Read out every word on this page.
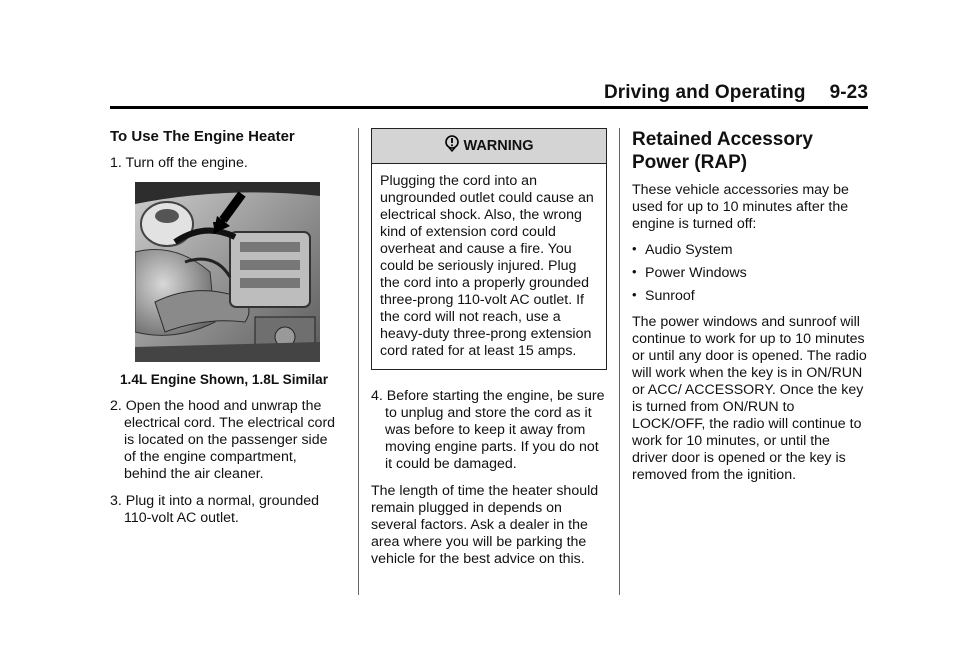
Driving and Operating 9-23
To Use The Engine Heater

1. Turn off the engine.

1.4L Engine Shown, 1.8L Similar

2. Open the hood and unwrap the electrical cord. The electrical cord is located on the passenger side of the engine compartment, behind the air cleaner.

3. Plug it into a normal, grounded 110-volt AC outlet.

WARNING
Plugging the cord into an ungrounded outlet could cause an electrical shock. Also, the wrong kind of extension cord could overheat and cause a fire. You could be seriously injured. Plug the cord into a properly grounded three-prong 110-volt AC outlet. If the cord will not reach, use a heavy-duty three-prong extension cord rated for at least 15 amps.

4. Before starting the engine, be sure to unplug and store the cord as it was before to keep it away from moving engine parts. If you do not it could be damaged.

The length of time the heater should remain plugged in depends on several factors. Ask a dealer in the area where you will be parking the vehicle for the best advice on this.

Retained Accessory Power (RAP)

These vehicle accessories may be used for up to 10 minutes after the engine is turned off:

• Audio System
• Power Windows
• Sunroof

The power windows and sunroof will continue to work for up to 10 minutes or until any door is opened. The radio will work when the key is in ON/RUN or ACC/ ACCESSORY. Once the key is turned from ON/RUN to LOCK/OFF, the radio will continue to work for 10 minutes, or until the driver door is opened or the key is removed from the ignition.
